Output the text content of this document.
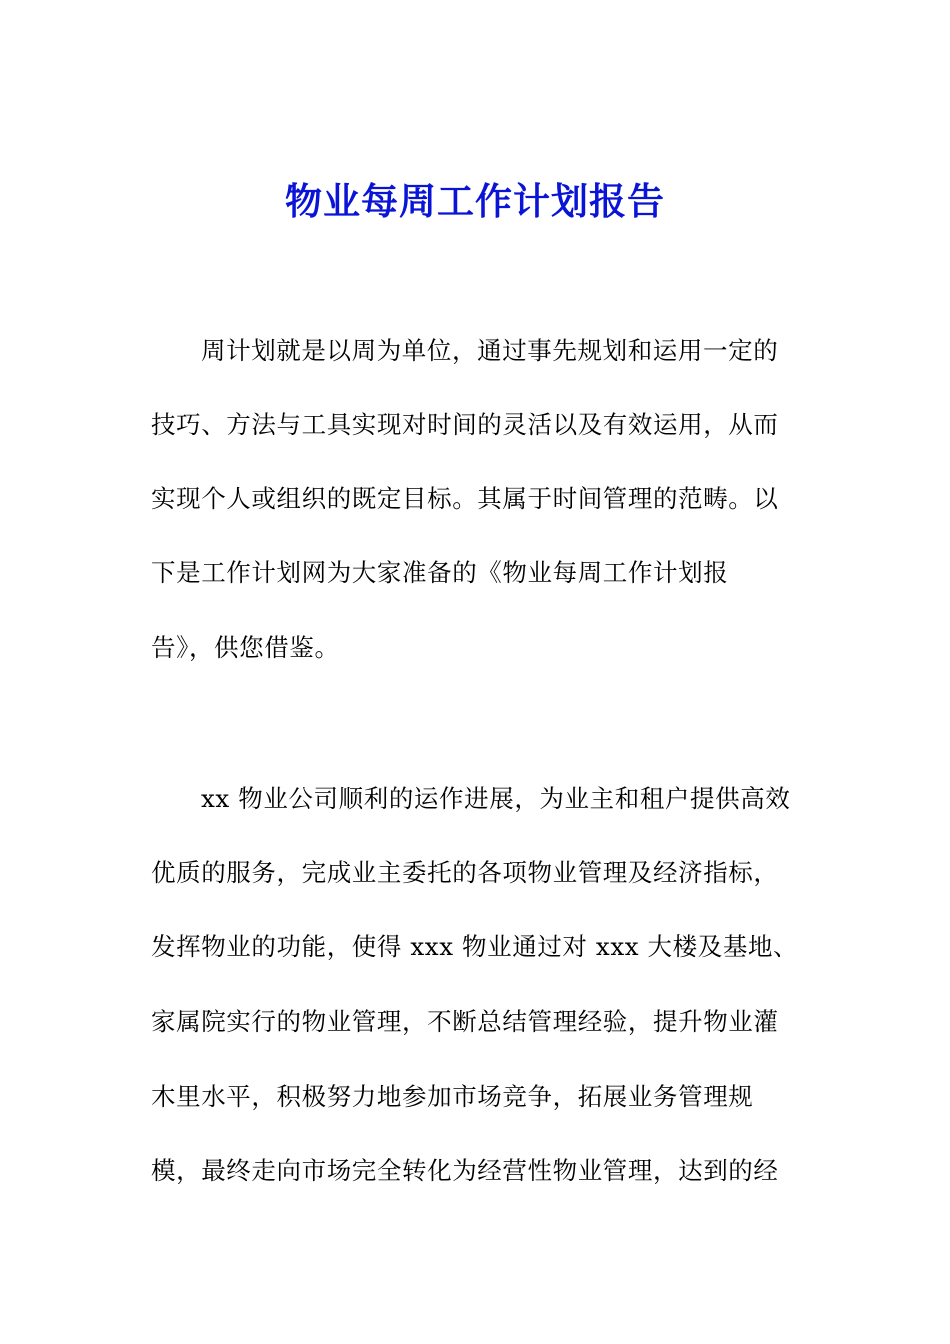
物业每周工作计划报告
周计划就是以周为单位，通过事先规划和运用一定的
技巧、方法与工具实现对时间的灵活以及有效运用，从而
实现个人或组织的既定目标。其属于时间管理的范畴。以
下是工作计划网为大家准备的《物业每周工作计划报
告》，供您借鉴。
xx 物业公司顺利的运作进展，为业主和租户提供高效
优质的服务，完成业主委托的各项物业管理及经济指标，
发挥物业的功能，使得 xxx 物业通过对 xxx 大楼及基地、
家属院实行的物业管理，不断总结管理经验，提升物业灌
木里水平，积极努力地参加市场竞争，拓展业务管理规
模，最终走向市场完全转化为经营性物业管理，达到的经
